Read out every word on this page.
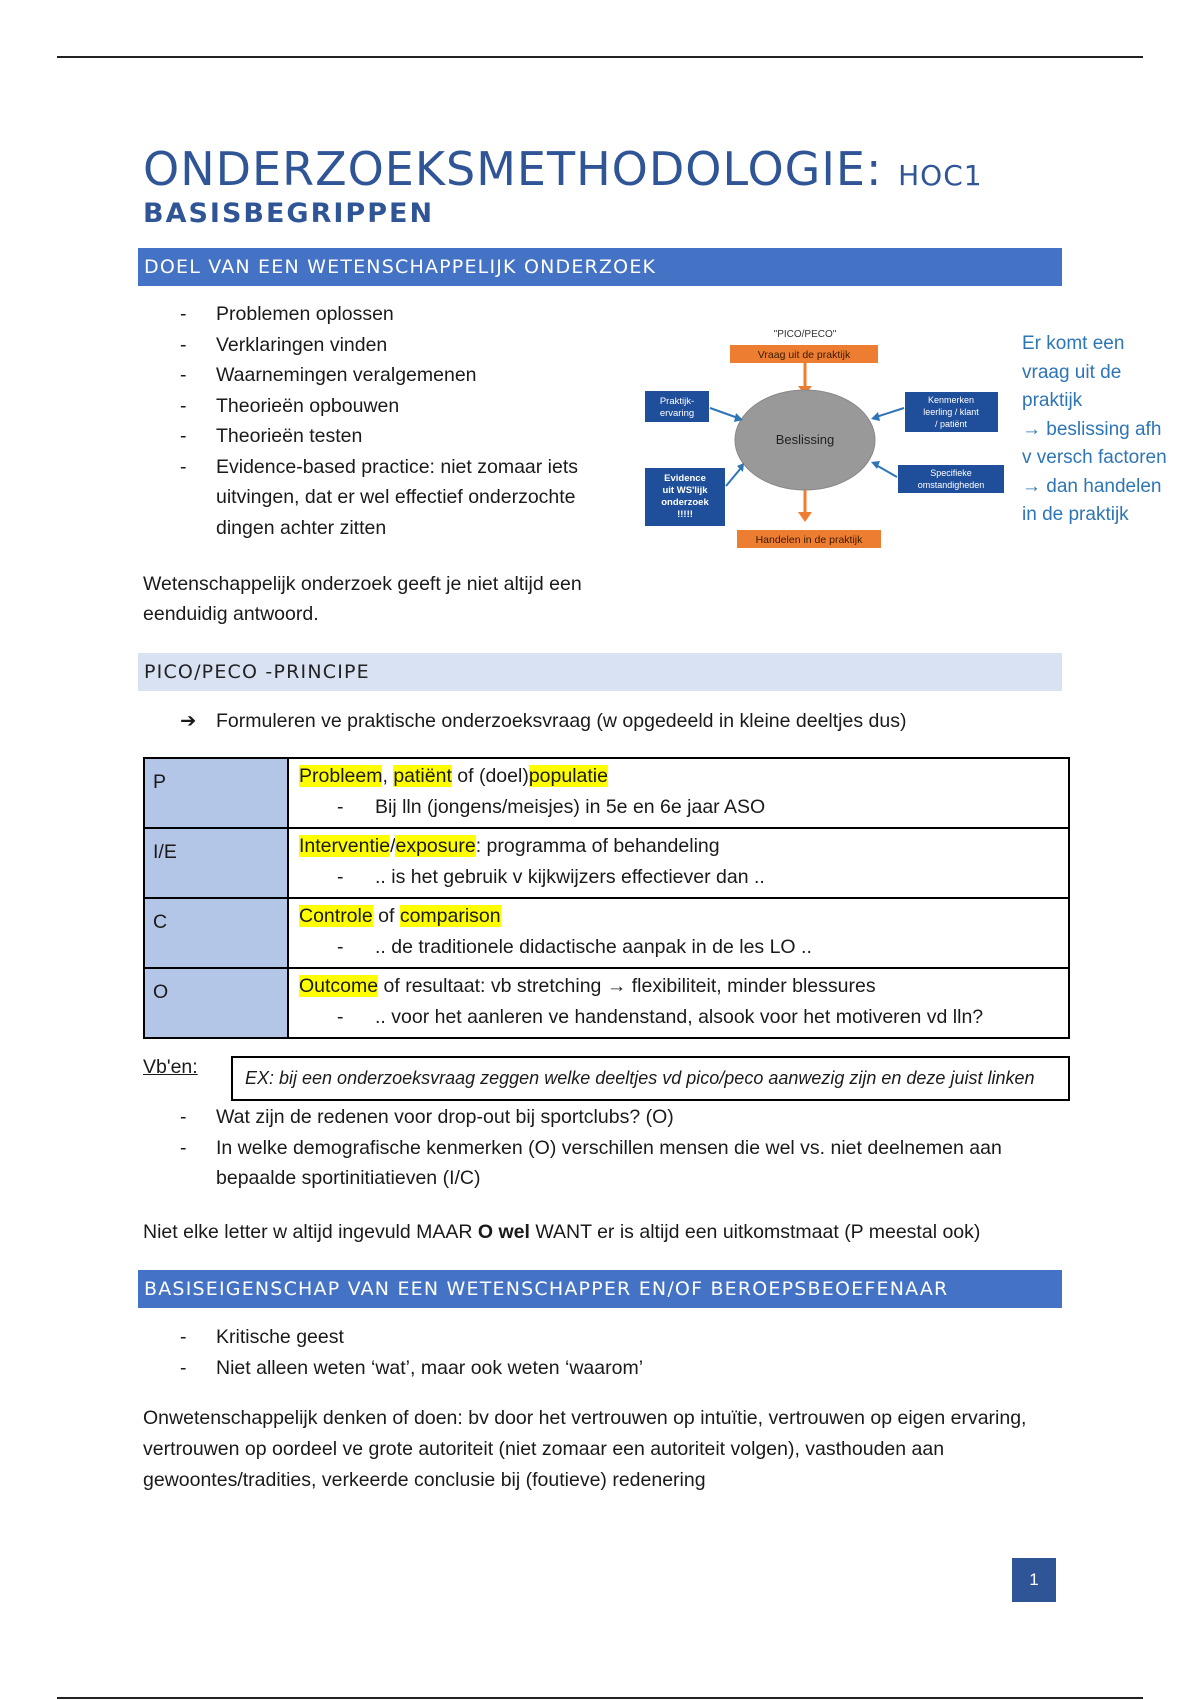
ONDERZOEKSMETHODOLOGIE: HOC1
BASISBEGRIPPEN
DOEL VAN EEN WETENSCHAPPELIJK ONDERZOEK
- Problemen oplossen
- Verklaringen vinden
- Waarnemingen veralgemenen
- Theorieën opbouwen
- Theorieën testen
- Evidence-based practice: niet zomaar iets uitvingen, dat er wel effectief onderzochte dingen achter zitten
Wetenschappelijk onderzoek geeft je niet altijd een eenduidig antwoord.
"PICO/PECO"
Vraag uit de praktijk
Beslissing
Handelen in de praktijk
Praktijk-
ervaring
Evidence
uit WS'lijk
onderzoek
!!!!!
Kenmerken
leerling / klant
/ patiënt
Specifieke
omstandigheden
Er komt een
vraag uit de
praktijk
→ beslissing afh
v versch factoren
→ dan handelen
in de praktijk
PICO/PECO -PRINCIPE
➔ Formuleren ve praktische onderzoeksvraag (w opgedeeld in kleine deeltjes dus)
P	Probleem, patiënt of (doel)populatie
- Bij lln (jongens/meisjes) in 5e en 6e jaar ASO

I/E	Interventie/exposure: programma of behandeling
- .. is het gebruik v kijkwijzers effectiever dan ..

C	Controle of comparison
- .. de traditionele didactische aanpak in de les LO ..

O	Outcome of resultaat: vb stretching → flexibiliteit, minder blessures
- .. voor het aanleren ve handenstand, alsook voor het motiveren vd lln?
Vb'en:	EX: bij een onderzoeksvraag zeggen welke deeltjes vd pico/peco aanwezig zijn en deze juist linken
- Wat zijn de redenen voor drop-out bij sportclubs? (O)
- In welke demografische kenmerken (O) verschillen mensen die wel vs. niet deelnemen aan bepaalde sportinitiatieven (I/C)
Niet elke letter w altijd ingevuld MAAR O wel WANT er is altijd een uitkomstmaat (P meestal ook)
BASISEIGENSCHAP VAN EEN WETENSCHAPPER EN/OF BEROEPSBEOEFENAAR
- Kritische geest
- Niet alleen weten ‘wat’, maar ook weten ‘waarom’
Onwetenschappelijk denken of doen: bv door het vertrouwen op intuïtie, vertrouwen op eigen ervaring, vertrouwen op oordeel ve grote autoriteit (niet zomaar een autoriteit volgen), vasthouden aan gewoontes/tradities, verkeerde conclusie bij (foutieve) redenering
1
